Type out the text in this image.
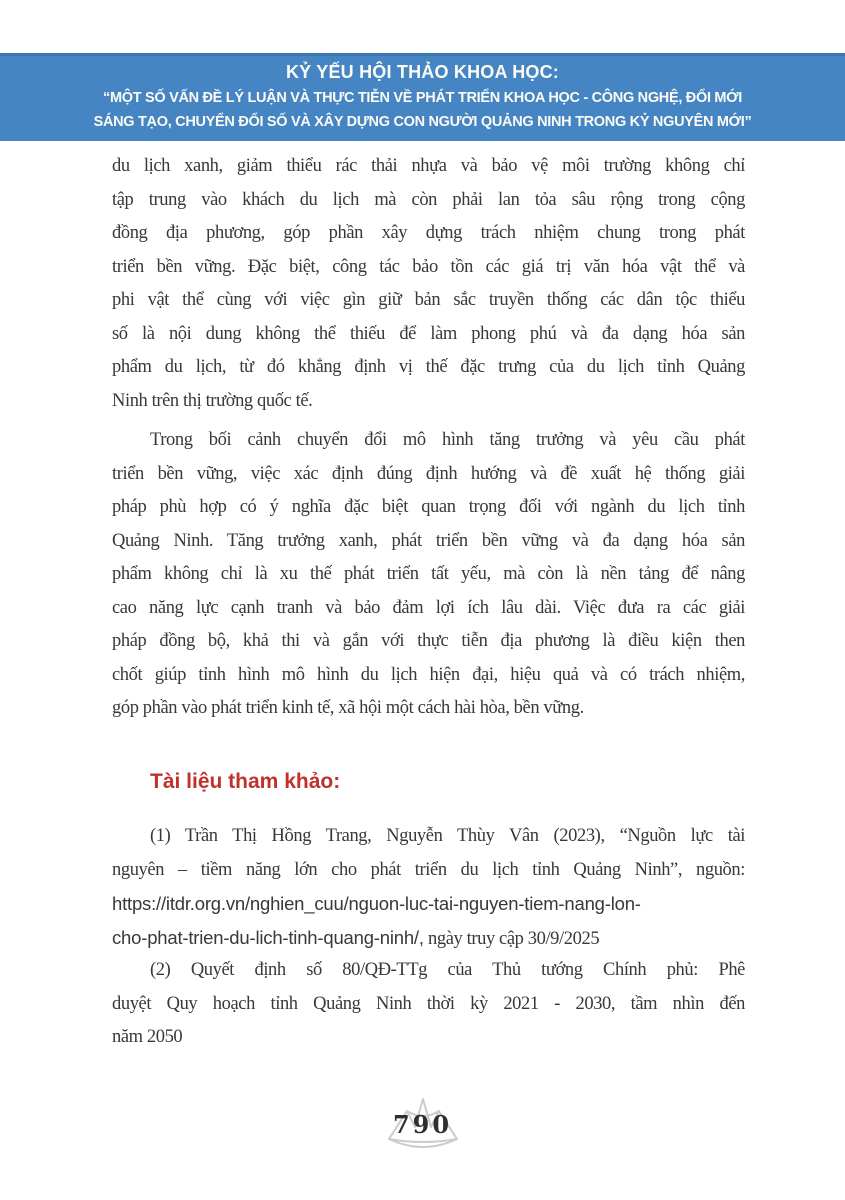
KỶ YẾU HỘI THẢO KHOA HỌC:
“MỘT SỐ VẤN ĐỀ LÝ LUẬN VÀ THỰC TIỄN VỀ PHÁT TRIỂN KHOA HỌC - CÔNG NGHỆ, ĐỔI MỚI
SÁNG TẠO, CHUYỂN ĐỔI SỐ VÀ XÂY DỰNG CON NGƯỜI QUẢNG NINH TRONG KỶ NGUYÊN MỚI”
du lịch xanh, giảm thiểu rác thải nhựa và bảo vệ môi trường không chỉ
tập trung vào khách du lịch mà còn phải lan tỏa sâu rộng trong cộng
đồng địa phương, góp phần xây dựng trách nhiệm chung trong phát
triển bền vững. Đặc biệt, công tác bảo tồn các giá trị văn hóa vật thể và
phi vật thể cùng với việc gìn giữ bản sắc truyền thống các dân tộc thiểu
số là nội dung không thể thiếu để làm phong phú và đa dạng hóa sản
phẩm du lịch, từ đó khẳng định vị thế đặc trưng của du lịch tỉnh Quảng
Ninh trên thị trường quốc tế.
Trong bối cảnh chuyển đổi mô hình tăng trưởng và yêu cầu phát
triển bền vững, việc xác định đúng định hướng và đề xuất hệ thống giải
pháp phù hợp có ý nghĩa đặc biệt quan trọng đối với ngành du lịch tỉnh
Quảng Ninh. Tăng trưởng xanh, phát triển bền vững và đa dạng hóa sản
phẩm không chỉ là xu thế phát triển tất yếu, mà còn là nền tảng để nâng
cao năng lực cạnh tranh và bảo đảm lợi ích lâu dài. Việc đưa ra các giải
pháp đồng bộ, khả thi và gắn với thực tiễn địa phương là điều kiện then
chốt giúp tỉnh hình mô hình du lịch hiện đại, hiệu quả và có trách nhiệm,
góp phần vào phát triển kinh tế, xã hội một cách hài hòa, bền vững.
Tài liệu tham khảo:
(1) Trần Thị Hồng Trang, Nguyễn Thùy Vân (2023), “Nguồn lực tài
nguyên – tiềm năng lớn cho phát triển du lịch tỉnh Quảng Ninh”, nguồn:
https://itdr.org.vn/nghien_cuu/nguon-luc-tai-nguyen-tiem-nang-lon-
cho-phat-trien-du-lich-tinh-quang-ninh/, ngày truy cập 30/9/2025
(2) Quyết định số 80/QĐ-TTg của Thủ tướng Chính phủ: Phê
duyệt Quy hoạch tỉnh Quảng Ninh thời kỳ 2021 - 2030, tầm nhìn đến
năm 2050
790
